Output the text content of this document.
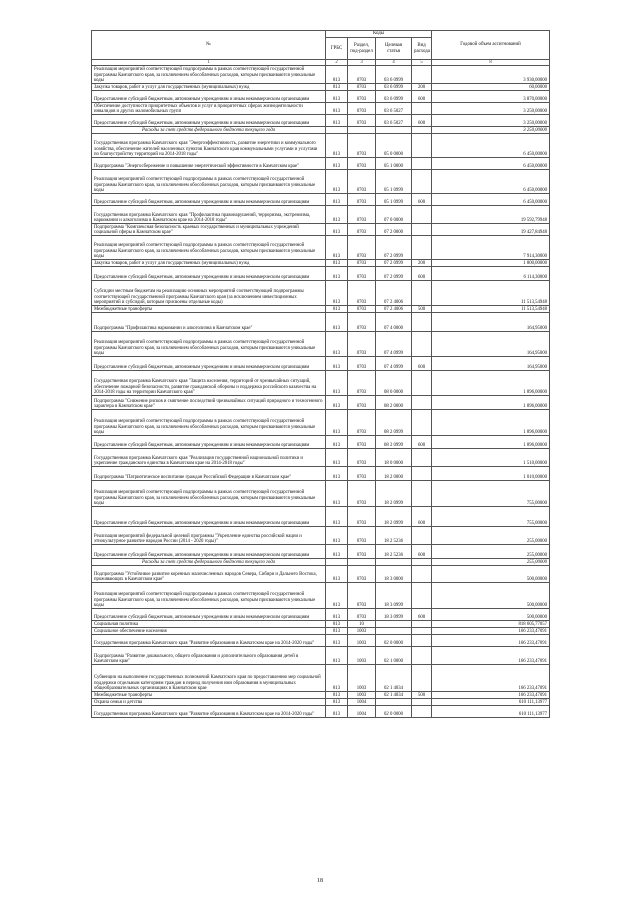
№	Коды				Годовой объем ассигнований
	ГРБС	Раздел, под-раздел	Целевая статья	Вид расхода	
1	2	3	4	5	8
Реализация мероприятий соответствующей подпрограммы в рамках соответствующей государственной программы Камчатского края, за исключением обособленных расходов, которым присваиваются уникальные коды	813	0703	03 6 0999		3 930,00000
Закупка товаров, работ и услуг для государственных (муниципальных) нужд	813	0703	03 6 0999	200	60,00000
Предоставление субсидий бюджетным, автономным учреждениям и иным некоммерческим организациям	813	0703	03 6 0999	600	3 870,00000
Обеспечение доступности приоритетных объектов и услуг в приоритетных сферах жизнедеятельности инвалидов и других маломобильных групп	813	0703	03 6 5027		3 250,00000
Предоставление субсидий бюджетным, автономным учреждениям и иным некоммерческим организациям	813	0703	03 6 5027	600	3 250,00000
Расходы за счет средств федерального бюджета текущего года					3 250,00000
Государственная программа Камчатского края "Энергоэффективность, развитие энергетики и коммунального хозяйства, обеспечение жителей населенных пунктов Камчатского края коммунальными услугами и услугами по благоустройству территорий на 2014-2018 годы"	813	0703	05 0 0000		6 450,00000
Подпрограмма "Энергосбережение и повышение энергетической эффективности в Камчатском крае"	813	0703	05 1 0000		6 450,00000
Реализация мероприятий соответствующей подпрограммы в рамках соответствующей государственной программы Камчатского края, за исключением обособленных расходов, которым присваиваются уникальные коды	813	0703	05 1 0999		6 450,00000
Предоставление субсидий бюджетным, автономным учреждениям и иным некоммерческим организациям	813	0703	05 1 0999	600	6 450,00000
Государственная программа Камчатского края "Профилактика правонарушений, терроризма, экстремизма, наркомании и алкоголизма в Камчатском крае на 2014-2018 годы"	813	0703	07 0 0000		19 592,79948
Подпрограмма "Комплексная безопасность краевых государственных и муниципальных учреждений социальной сферы в Камчатском крае"	813	0703	07 2 0000		19 427,84948
Реализация мероприятий соответствующей подпрограммы в рамках соответствующей государственной программы Камчатского края, за исключением обособленных расходов, которым присваиваются уникальные коды	813	0703	07 2 0999		7 914,30000
Закупка товаров, работ и услуг для государственных (муниципальных) нужд	813	0703	07 2 0999	200	1 800,00000
Предоставление субсидий бюджетным, автономным учреждениям и иным некоммерческим организациям	813	0703	07 2 0999	600	6 114,30000
Субсидии местным бюджетам на реализацию основных мероприятий соответствующей подпрограммы соответствующей государственной программы Камчатского края (за исключением инвестиционных мероприятий и субсидий, которым присвоены отдельные коды)	813	0703	07 2 4006		11 513,54948
Межбюджетные трансферты	813	0703	07 2 4006	500	11 513,54948
Подпрограмма "Профилактика наркомании и алкоголизма в Камчатском крае"	813	0703	07 4 0000		164,95000
Реализация мероприятий соответствующей подпрограммы в рамках соответствующей государственной программы Камчатского края, за исключением обособленных расходов, которым присваиваются уникальные коды	813	0703	07 4 0999		164,95000
Предоставление субсидий бюджетным, автономным учреждениям и иным некоммерческим организациям	813	0703	07 4 0999	600	164,95000
Государственная программа Камчатского края "Защита населения, территорий от чрезвычайных ситуаций, обеспечение пожарной безопасности, развитие гражданской обороны и поддержка российского казачества на 2014-2018 годы на территории Камчатского края"	813	0703	08 0 0000		1 896,00000
Подпрограмма "Снижение рисков и смягчение последствий чрезвычайных ситуаций природного и техногенного характера в Камчатском крае"	813	0703	08 2 0000		1 896,00000
Реализация мероприятий соответствующей подпрограммы в рамках соответствующей государственной программы Камчатского края, за исключением обособленных расходов, которым присваиваются уникальные коды	813	0703	08 2 0999		1 896,00000
Предоставление субсидий бюджетным, автономным учреждениям и иным некоммерческим организациям	813	0703	08 2 0999	600	1 896,00000
Государственная программа Камчатского края "Реализация государственной национальной политики и укрепление гражданского единства в Камчатском крае на 2014-2018 годы"	813	0703	18 0 0000		1 510,00000
Подпрограмма "Патриотическое воспитание граждан Российской Федерации в Камчатском крае"	813	0703	18 2 0000		1 010,00000
Реализация мероприятий соответствующей подпрограммы в рамках соответствующей государственной программы Камчатского края, за исключением обособленных расходов, которым присваиваются уникальные коды	813	0703	18 2 0999		755,00000
Предоставление субсидий бюджетным, автономным учреждениям и иным некоммерческим организациям	813	0703	18 2 0999	600	755,00000
Реализация мероприятий федеральной целевой программы "Укрепление единства российской нации и этнокультурное развитие народов России (2014 - 2020 годы)"	813	0703	18 2 5236		255,00000
Предоставление субсидий бюджетным, автономным учреждениям и иным некоммерческим организациям	813	0703	18 2 5236	600	255,00000
Расходы за счет средств федерального бюджета текущего года					255,00000
Подпрограмма "Устойчивое развитие коренных малочисленных народов Севера, Сибири и Дальнего Востока, проживающих в Камчатском крае"	813	0703	18 3 0000		500,00000
Реализация мероприятий соответствующей подпрограммы в рамках соответствующей государственной программы Камчатского края, за исключением обособленных расходов, которым присваиваются уникальные коды	813	0703	18 3 0999		500,00000
Предоставление субсидий бюджетным, автономным учреждениям и иным некоммерческим организациям	813	0703	18 3 0999	600	500,00000
Социальная политика	813	10			818 605,77057
Социальное обеспечение населения	813	1003			166 233,47091
Государственная программа Камчатского края "Развитие образования в Камчатском крае на 2014-2020 годы"	813	1003	02 0 0000		166 233,47091
Подпрограмма "Развитие дошкольного, общего образования и дополнительного образования детей в Камчатском крае"	813	1003	02 1 0000		166 233,47091
Субвенции на выполнение государственных полномочий Камчатского края по предоставлению мер социальной поддержки отдельным категориям граждан в период получения ими образования в муниципальных общеобразовательных организациях в Камчатском крае	813	1003	02 1 4034		166 233,47091
Межбюджетные трансферты	813	1003	02 1 4034	500	166 233,47091
Охрана семьи и детства	813	1004			610 111,13977
Государственная программа Камчатского края "Развитие образования в Камчатском крае на 2014-2020 годы"	813	1004	02 0 0000		610 111,13977
18
